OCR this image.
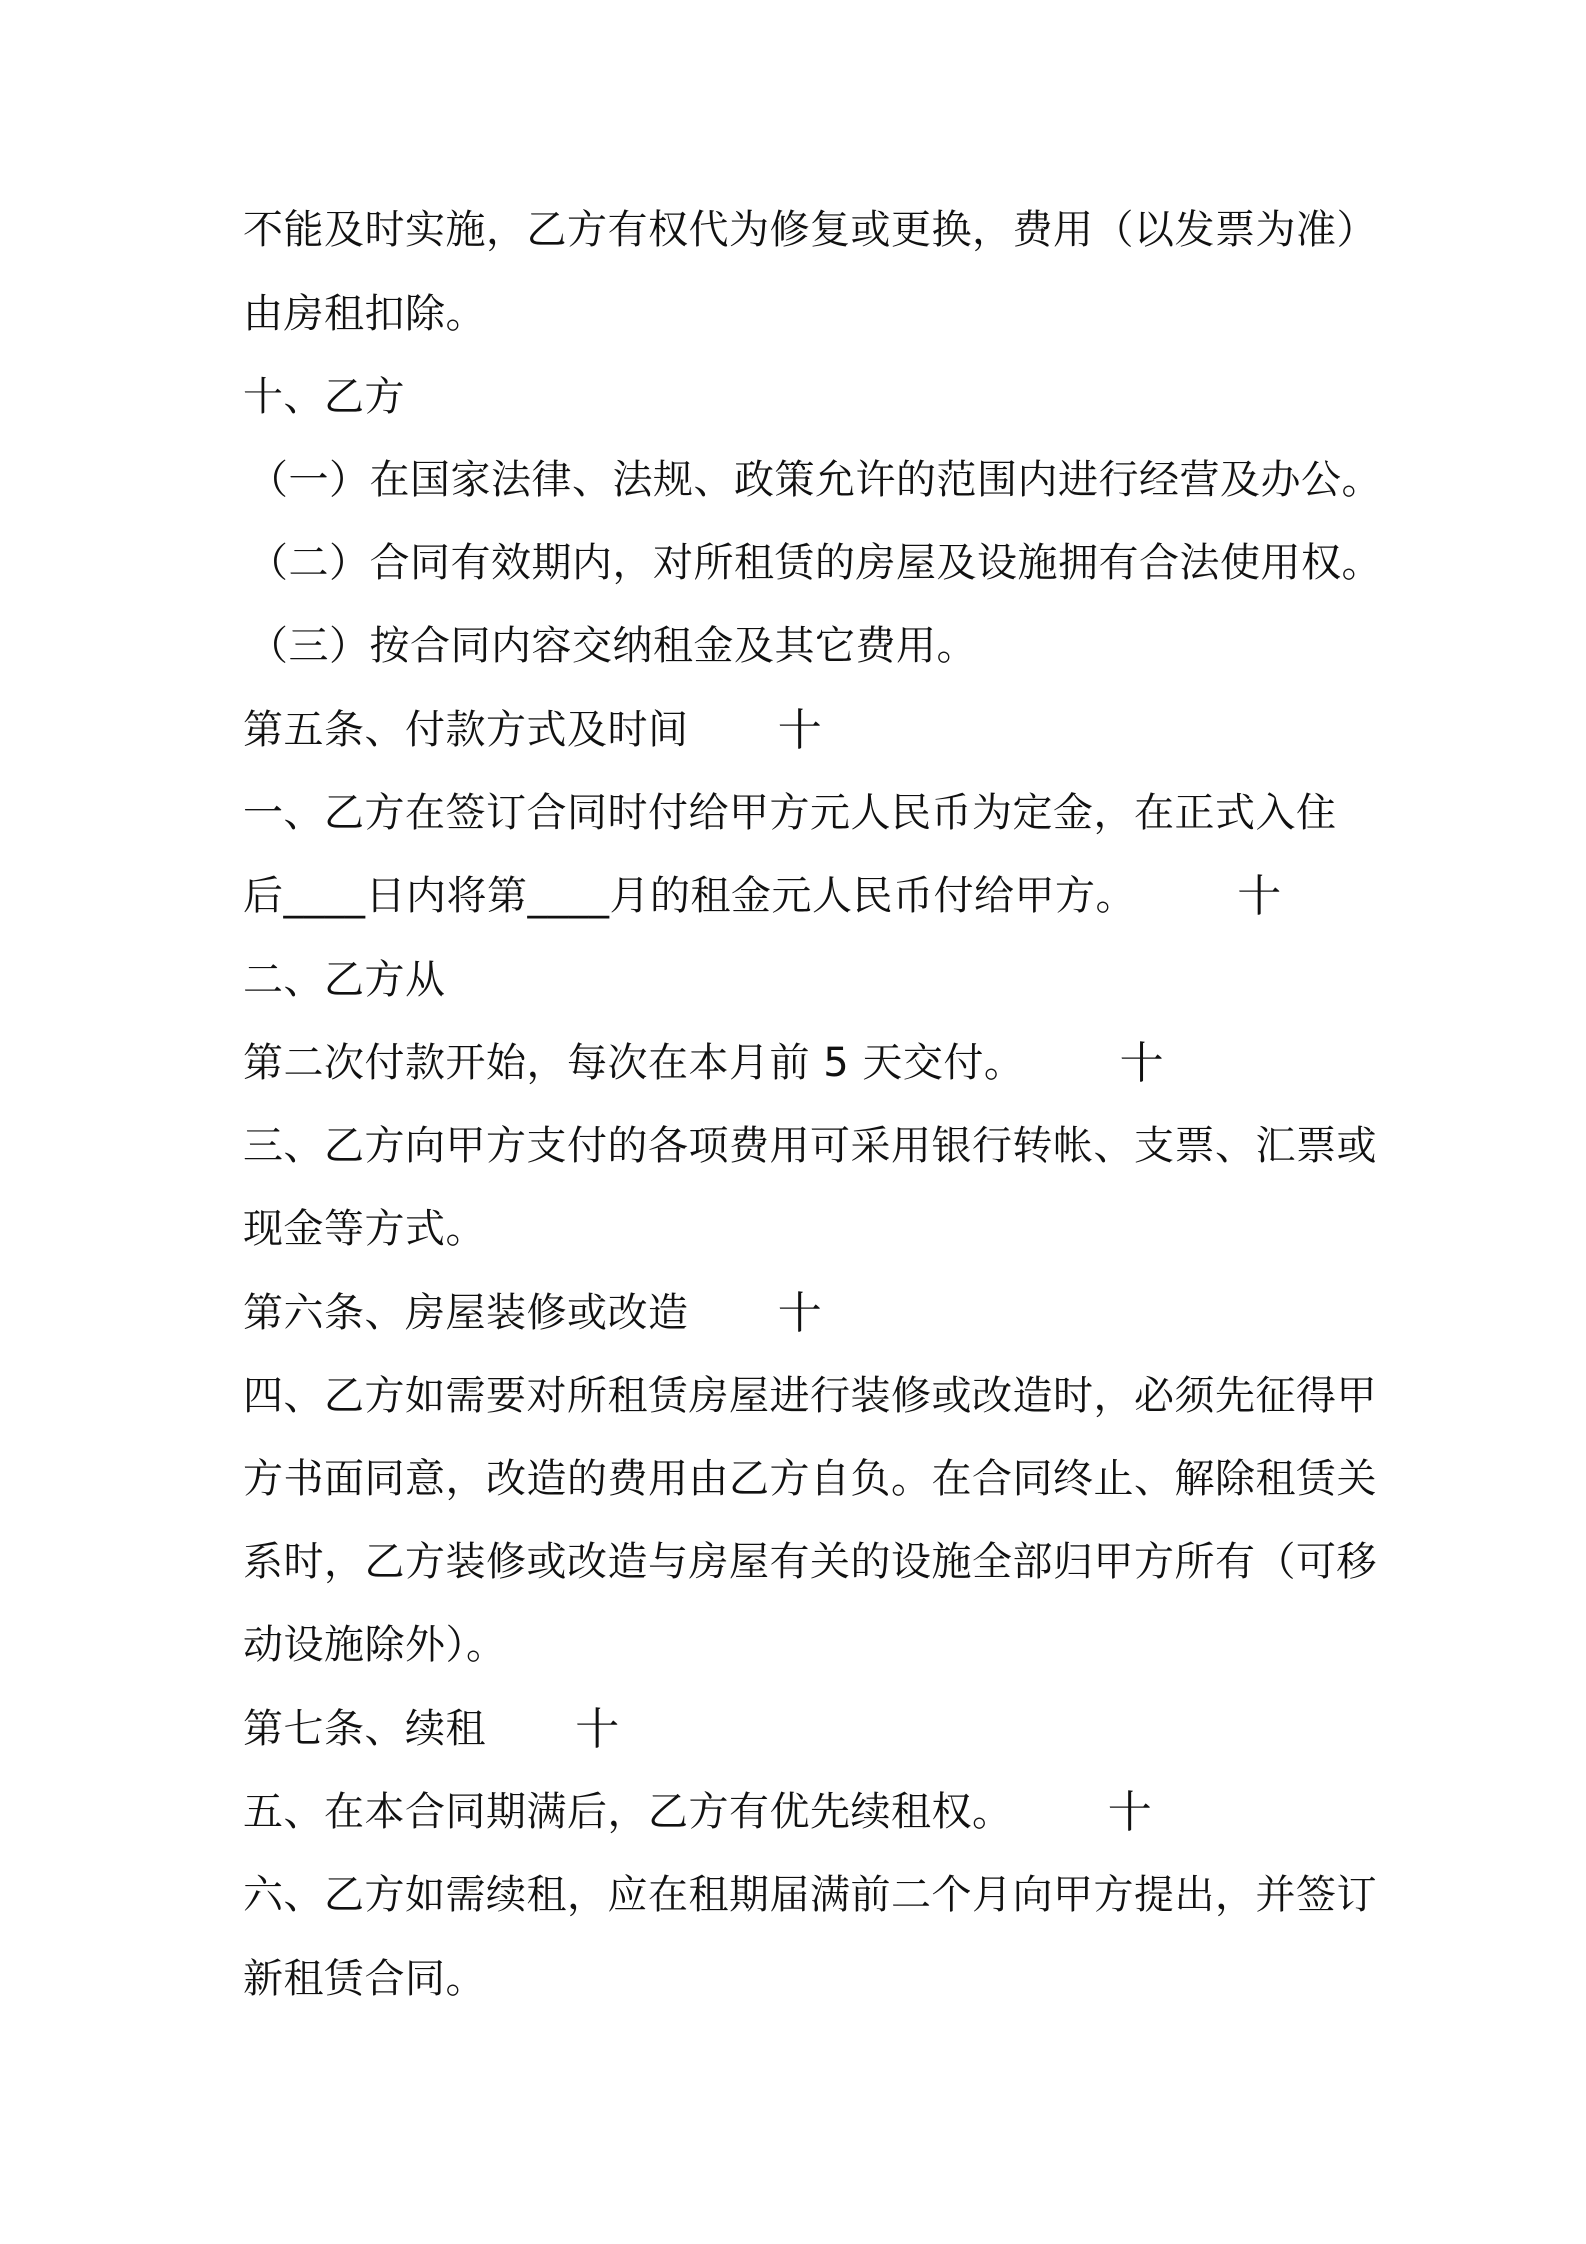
不能及时实施，乙方有权代为修复或更换，费用（以发票为准）
由房租扣除。
十、乙方
（一）在国家法律、法规、政策允许的范围内进行经营及办公。
（二）合同有效期内，对所租赁的房屋及设施拥有合法使用权。
（三）按合同内容交纳租金及其它费用。
第五条、付款方式及时间 十
一、乙方在签订合同时付给甲方元人民币为定金，在正式入住
后____日内将第____月的租金元人民币付给甲方。 十
二、乙方从
第二次付款开始，每次在本月前 5 天交付。 十
三、乙方向甲方支付的各项费用可采用银行转帐、支票、汇票或
现金等方式。
第六条、房屋装修或改造 十
四、乙方如需要对所租赁房屋进行装修或改造时，必须先征得甲
方书面同意，改造的费用由乙方自负。在合同终止、解除租赁关
系时，乙方装修或改造与房屋有关的设施全部归甲方所有（可移
动设施除外）。
第七条、续租 十
五、在本合同期满后，乙方有优先续租权。 十
六、乙方如需续租，应在租期届满前二个月向甲方提出，并签订
新租赁合同。
